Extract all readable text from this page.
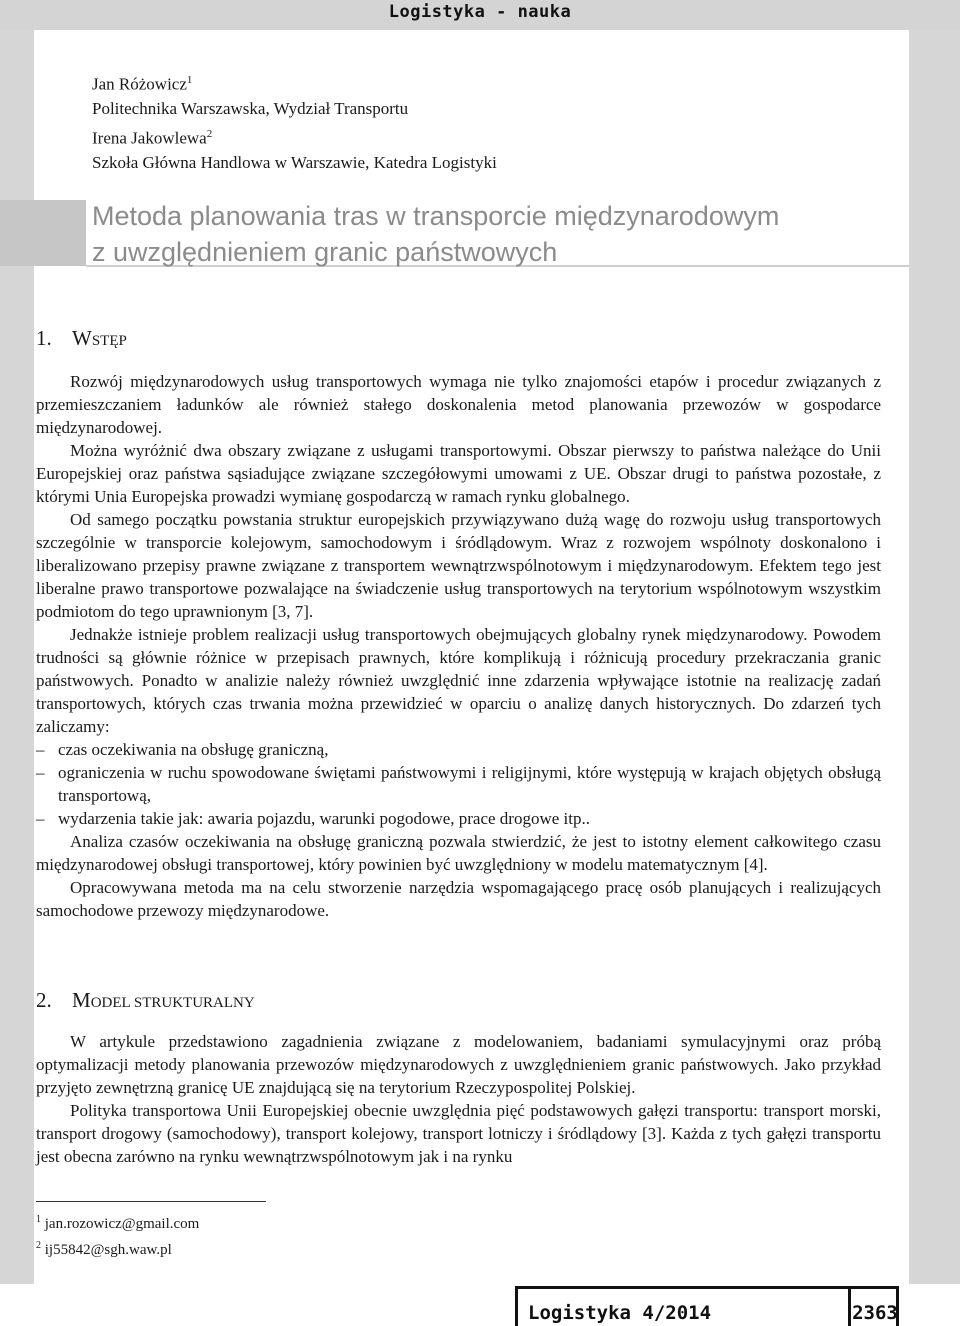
Logistyka - nauka
Jan Różowicz$^1$
Politechnika Warszawska, Wydział Transportu
Irena Jakowlewa$^2$
Szkoła Główna Handlowa w Warszawie, Katedra Logistyki
Metoda planowania tras w transporcie międzynarodowym
z uwzględnieniem granic państwowych
1. WSTĘP

Rozwój międzynarodowych usług transportowych wymaga nie tylko znajomości etapów i procedur związanych z przemieszczaniem ładunków ale również stałego doskonalenia metod planowania przewozów w gospodarce międzynarodowej.

Można wyróżnić dwa obszary związane z usługami transportowymi. Obszar pierwszy to państwa należące do Unii Europejskiej oraz państwa sąsiadujące związane szczegółowymi umowami z UE. Obszar drugi to państwa pozostałe, z którymi Unia Europejska prowadzi wymianę gospodarczą w ramach rynku globalnego.

Od samego początku powstania struktur europejskich przywiązywano dużą wagę do rozwoju usług transportowych szczególnie w transporcie kolejowym, samochodowym i śródlądowym. Wraz z rozwojem wspólnoty doskonalono i liberalizowano przepisy prawne związane z transportem wewnątrzwspólnotowym i międzynarodowym. Efektem tego jest liberalne prawo transportowe pozwalające na świadczenie usług transportowych na terytorium wspólnotowym wszystkim podmiotom do tego uprawnionym [3, 7].

Jednakże istnieje problem realizacji usług transportowych obejmujących globalny rynek międzynarodowy. Powodem trudności są głównie różnice w przepisach prawnych, które komplikują i różnicują procedury przekraczania granic państwowych. Ponadto w analizie należy również uwzględnić inne zdarzenia wpływające istotnie na realizację zadań transportowych, których czas trwania można przewidzieć w oparciu o analizę danych historycznych. Do zdarzeń tych zaliczamy:

– czas oczekiwania na obsługę graniczną,
– ograniczenia w ruchu spowodowane świętami państwowymi i religijnymi, które występują w krajach objętych obsługą transportową,
– wydarzenia takie jak: awaria pojazdu, warunki pogodowe, prace drogowe itp..

Analiza czasów oczekiwania na obsługę graniczną pozwala stwierdzić, że jest to istotny element całkowitego czasu międzynarodowej obsługi transportowej, który powinien być uwzględniony w modelu matematycznym [4].

Opracowywana metoda ma na celu stworzenie narzędzia wspomagającego pracę osób planujących i realizujących samochodowe przewozy międzynarodowe.

2. MODEL STRUKTURALNY

W artykule przedstawiono zagadnienia związane z modelowaniem, badaniami symulacyjnymi oraz próbą optymalizacji metody planowania przewozów międzynarodowych z uwzględnieniem granic państwowych. Jako przykład przyjęto zewnętrzną granicę UE znajdującą się na terytorium Rzeczypospolitej Polskiej.

Polityka transportowa Unii Europejskiej obecnie uwzględnia pięć podstawowych gałęzi transportu: transport morski, transport drogowy (samochodowy), transport kolejowy, transport lotniczy i śródlądowy [3]. Każda z tych gałęzi transportu jest obecna zarówno na rynku wewnątrzwspólnotowym jak i na rynku

$^1$ jan.rozowicz@gmail.com
$^2$ ij55842@sgh.waw.pl
Logistyka 4/2014	2363
